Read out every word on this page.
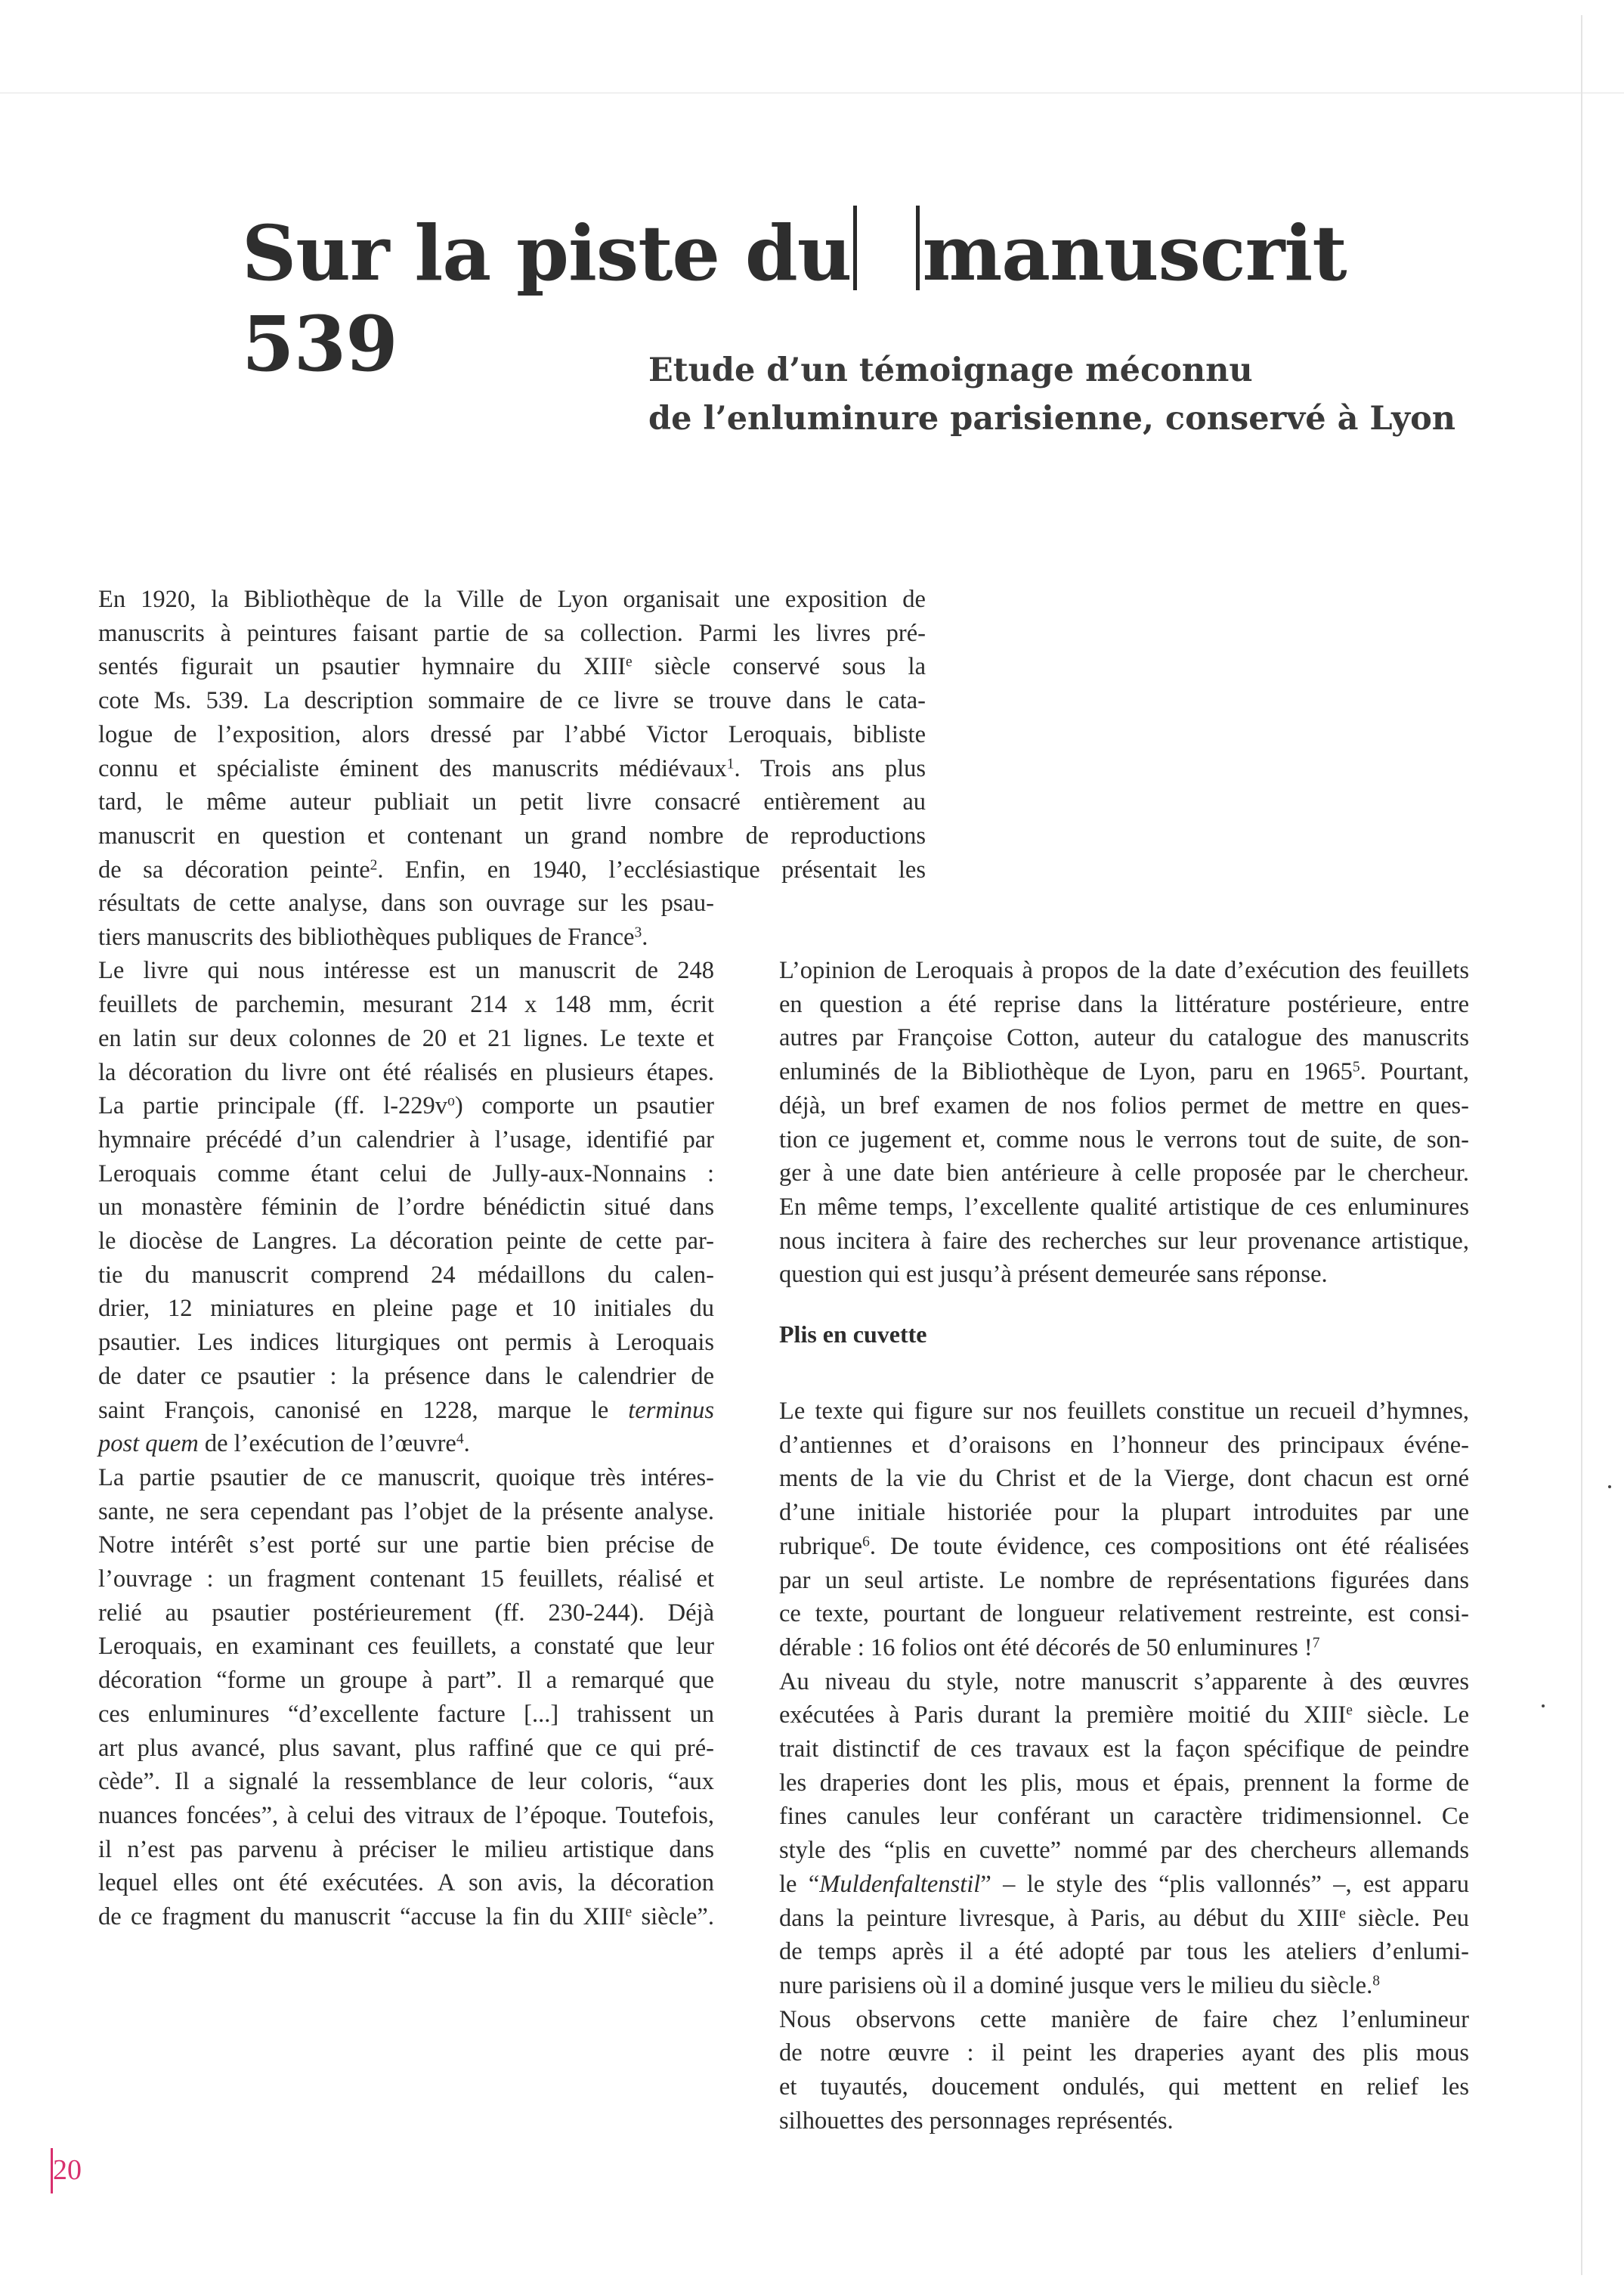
Sur la piste du manuscrit 539	Etude d’un témoignage méconnu
de l’enluminure parisienne, conservé à Lyon
En 1920, la Bibliothèque de la Ville de Lyon organisait une exposition de
manuscrits à peintures faisant partie de sa collection. Parmi les livres pré-
sentés figurait un psautier hymnaire du XIIIe siècle conservé sous la
cote Ms. 539. La description sommaire de ce livre se trouve dans le cata-
logue de l’exposition, alors dressé par l’abbé Victor Leroquais, bibliste
connu et spécialiste éminent des manuscrits médiévaux$^1$. Trois ans plus
tard, le même auteur publiait un petit livre consacré entièrement au
manuscrit en question et contenant un grand nombre de reproductions
de sa décoration peinte$^2$. Enfin, en 1940, l’ecclésiastique présentait les
résultats de cette analyse, dans son ouvrage sur les psau-
tiers manuscrits des bibliothèques publiques de France$^3$.
Le livre qui nous intéresse est un manuscrit de 248
feuillets de parchemin, mesurant 214 x 148 mm, écrit
en latin sur deux colonnes de 20 et 21 lignes. Le texte et
la décoration du livre ont été réalisés en plusieurs étapes.
La partie principale (ff. $l-229v^o$) comporte un psautier
hymnaire précédé d’un calendrier à l’usage, identifié par
Leroquais comme étant celui de Jully-aux-Nonnains :
un monastère féminin de l’ordre bénédictin situé dans
le diocèse de Langres. La décoration peinte de cette par-
tie du manuscrit comprend 24 médaillons du calen-
drier, 12 miniatures en pleine page et 10 initiales du
psautier. Les indices liturgiques ont permis à Leroquais
de dater ce psautier : la présence dans le calendrier de
saint François, canonisé en 1228, marque le terminus
post quem de l’exécution de l’œuvre$^4$.
La partie psautier de ce manuscrit, quoique très intéres-
sante, ne sera cependant pas l’objet de la présente analyse.
Notre intérêt s’est porté sur une partie bien précise de
l’ouvrage : un fragment contenant 15 feuillets, réalisé et
relié au psautier postérieurement (ff. 230-244). Déjà
Leroquais, en examinant ces feuillets, a constaté que leur
décoration “forme un groupe à part”. Il a remarqué que
ces enluminures “d’excellente facture [...] trahissent un
art plus avancé, plus savant, plus raffiné que ce qui pré-
cède”. Il a signalé la ressemblance de leur coloris, “aux
nuances foncées”, à celui des vitraux de l’époque. Toutefois,
il n’est pas parvenu à préciser le milieu artistique dans
lequel elles ont été exécutées. A son avis, la décoration
de ce fragment du manuscrit “accuse la fin du XIIIe siècle”.
L’opinion de Leroquais à propos de la date d’exécution des feuillets
en question a été reprise dans la littérature postérieure, entre
autres par Françoise Cotton, auteur du catalogue des manuscrits
enluminés de la Bibliothèque de Lyon, paru en 1965$^5$. Pourtant,
déjà, un bref examen de nos folios permet de mettre en ques-
tion ce jugement et, comme nous le verrons tout de suite, de son-
ger à une date bien antérieure à celle proposée par le chercheur.
En même temps, l’excellente qualité artistique de ces enluminures
nous incitera à faire des recherches sur leur provenance artistique,
question qui est jusqu’à présent demeurée sans réponse.
Plis en cuvette
Le texte qui figure sur nos feuillets constitue un recueil d’hymnes,
d’antiennes et d’oraisons en l’honneur des principaux événe-
ments de la vie du Christ et de la Vierge, dont chacun est orné
d’une initiale historiée pour la plupart introduites par une
rubrique$^6$. De toute évidence, ces compositions ont été réalisées
par un seul artiste. Le nombre de représentations figurées dans
ce texte, pourtant de longueur relativement restreinte, est consi-
dérable : 16 folios ont été décorés de 50 enluminures !$^7$
Au niveau du style, notre manuscrit s’apparente à des œuvres
exécutées à Paris durant la première moitié du XIIIe siècle. Le
trait distinctif de ces travaux est la façon spécifique de peindre
les draperies dont les plis, mous et épais, prennent la forme de
fines canules leur conférant un caractère tridimensionnel. Ce
style des “plis en cuvette” nommé par des chercheurs allemands
le “Muldenfaltenstil” – le style des “plis vallonnés” –, est apparu
dans la peinture livresque, à Paris, au début du XIIIe siècle. Peu
de temps après il a été adopté par tous les ateliers d’enlumi-
nure parisiens où il a dominé jusque vers le milieu du siècle.$^8$
Nous observons cette manière de faire chez l’enlumineur
de notre œuvre : il peint les draperies ayant des plis mous
et tuyautés, doucement ondulés, qui mettent en relief les
silhouettes des personnages représentés.
20
